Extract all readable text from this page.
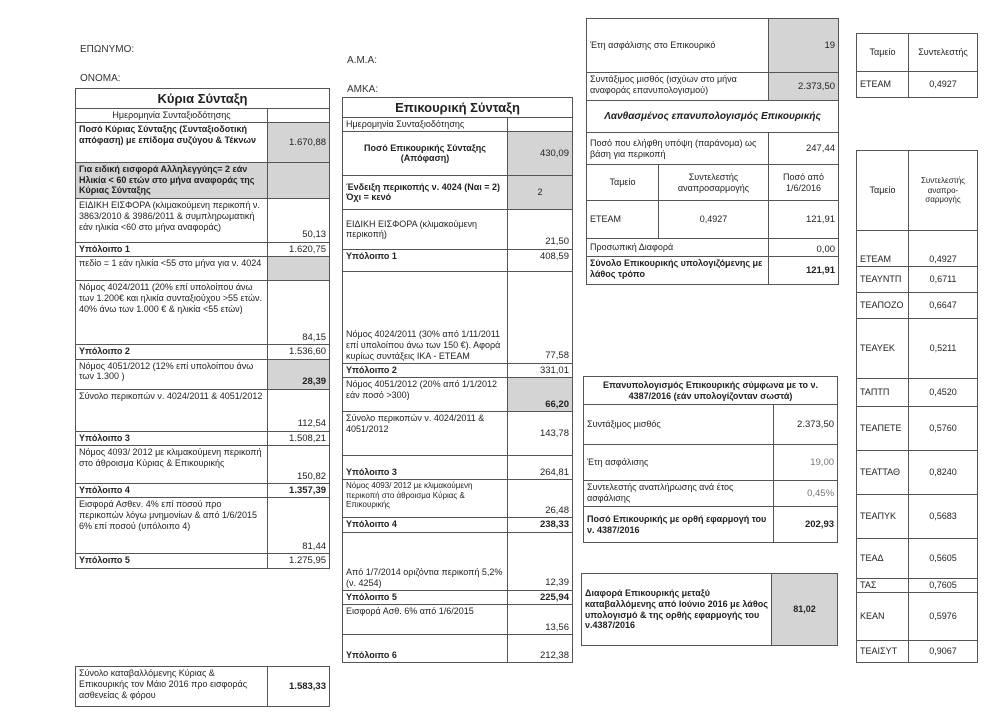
ΕΠΩΝΥΜΟ:
ΟΝΟΜΑ:
Α.Μ.Α:
ΑΜΚΑ:
Κύρια Σύνταξη	
Ημερομηνία Συνταξιοδότησης	
Ποσό Κύριας Σύνταξης (Συνταξιοδοτική απόφαση) με επίδομα συζύγου & Τέκνων	1.670,88
Για ειδική εισφορά Αλληλεγγύης= 2 εάν Ηλικία < 60 ετών στο μήνα αναφοράς της Κύριας Σύνταξης	
ΕΙΔΙΚΗ ΕΙΣΦΟΡΑ (κλιμακούμενη περικοπή ν. 3863/2010 & 3986/2011 & συμπληρωματική εάν ηλικία <60 στο μήνα αναφοράς)	50,13
Υπόλοιπο 1	1.620,75
πεδίο = 1 εάν ηλικία <55 στο μήνα για ν. 4024	
Νόμος 4024/2011 (20% επί υπολοίπου άνω των 1.200€ και ηλικία συνταξιούχου >55 ετών. 40% άνω των 1.000 € & ηλικία <55 ετών)	84,15
Υπόλοιπο 2	1.536,60
Νόμος 4051/2012 (12% επί υπολοίπου άνω των 1.300 )	28,39
Σύνολο περικοπών ν. 4024/2011 & 4051/2012	112,54
Υπόλοιπο 3	1.508,21
Νόμος 4093/ 2012 με κλιμακούμενη περικοπή στο άθροισμα Κύριας & Επικουρικής	150,82
Υπόλοιπο 4	1.357,39
Εισφορά Ασθεν. 4% επί ποσού προ περικοπών λόγω μνημονίων & από 1/6/2015 6% επί ποσού (υπόλοιπο 4)	81,44
Υπόλοιπο 5	1.275,95
Σύνολο καταβαλλόμενης Κύριας & Επικουρικής τον Μάιο 2016 προ εισφοράς ασθενείας & φόρου	1.583,33
Επικουρική Σύνταξη	
Ημερομηνία Συνταξιοδότησης	
Ποσό Επικουρικής Σύνταξης (Απόφαση)	430,09
Ένδειξη περικοπής ν. 4024 (Ναι = 2) Όχι = κενό	2
ΕΙΔΙΚΗ ΕΙΣΦΟΡΑ (κλιμακούμενη περικοπή)	21,50
Υπόλοιπο 1	408,59
Νόμος 4024/2011 (30% από 1/11/2011 επί υπολοίπου άνω των 150 €). Αφορά κυρίως συντάξεις ΙΚΑ - ΕΤΕΑΜ	77,58
Υπόλοιπο 2	331,01
Νόμος 4051/2012 (20% από 1/1/2012 εάν ποσό >300)	66,20
Σύνολο περικοπών ν. 4024/2011 & 4051/2012	143,78
Υπόλοιπο 3	264,81
Νόμος 4093/ 2012 με κλιμακούμενη περικοπή στο άθροισμα Κύριας & Επικουρικής	26,48
Υπόλοιπο 4	238,33
Από 1/7/2014 οριζόντια περικοπή 5,2% (ν. 4254)	12,39
Υπόλοιπο 5	225,94
Εισφορά Ασθ. 6% από 1/6/2015	13,56
Υπόλοιπο 6	212,38
Έτη ασφάλισης στο Επικουρικό		19
Συντάξιμος μισθός (ισχύων στο μήνα αναφοράς επανυπολογισμού)		2.373,50
Λανθασμένος επανυπολογισμός Επικουρικής		
Ποσό που ελήφθη υπόψη (παράνομα) ως βάση για περικοπή		247,44
Ταμείο	Συντελεστής αναπροσαρμογής	Ποσό από 1/6/2016
ΕΤΕΑΜ	0,4927	121,91
Προσωπική Διαφορά		0,00
Σύνολο Επικουρικής υπολογιζόμενης με λάθος τρόπο		121,91
Επανυπολογισμός Επικουρικής σύμφωνα με το ν. 4387/2016 (εάν υπολογίζονταν σωστά)	
Συντάξιμος μισθός	2.373,50
Έτη ασφάλισης	19,00
Συντελεστής αναπλήρωσης ανά έτος ασφάλισης	0,45%
Ποσό Επικουρικής με ορθή εφαρμογή του ν. 4387/2016	202,93
Διαφορά Επικουρικής μεταξύ καταβαλλόμενης από Ιούνιο 2016 με λάθος υπολογισμό & της ορθής εφαρμογής του ν.4387/2016	81,02
Ταμείο	Συντελεστής
ΕΤΕΑΜ	0,4927
Ταμείο	Συντελεστής αναπρο-σαρμογής
ΕΤΕΑΜ	0,4927
ΤΕΑΥΝΤΠ	0,6711
ΤΕΑΠΟΖΟ	0,6647
ΤΕΑΥΕΚ	0,5211
ΤΑΠΤΠ	0,4520
ΤΕΑΠΕΤΕ	0,5760
ΤΕΑΤΤΑΘ	0,8240
ΤΕΑΠΥΚ	0,5683
ΤΕΑΔ	0,5605
ΤΑΣ	0,7605
ΚΕΑΝ	0,5976
ΤΕΑΙΣΥΤ	0,9067
